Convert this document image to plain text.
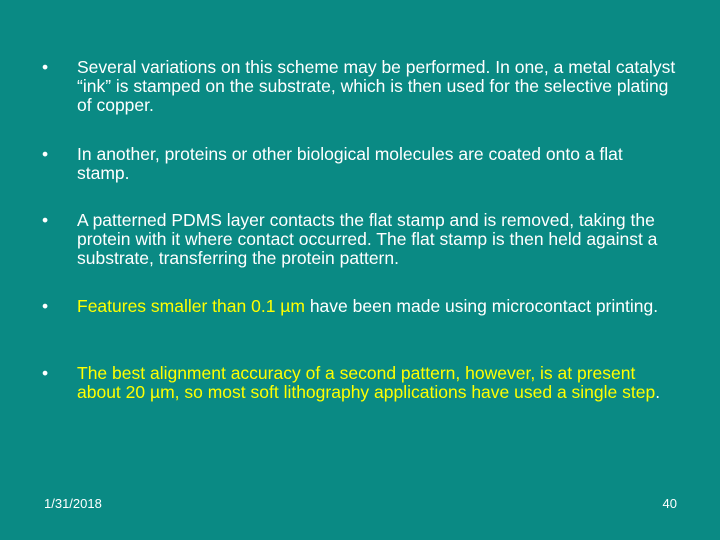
• Several variations on this scheme may be performed. In one, a metal catalyst “ink” is stamped on the substrate, which is then used for the selective plating of copper.
• In another, proteins or other biological molecules are coated onto a flat stamp.
• A patterned PDMS layer contacts the flat stamp and is removed, taking the protein with it where contact occurred. The flat stamp is then held against a substrate, transferring the protein pattern.
• Features smaller than 0.1 µm have been made using microcontact printing.
• The best alignment accuracy of a second pattern, however, is at present about 20 µm, so most soft lithography applications have used a single step.
1/31/2018	40
